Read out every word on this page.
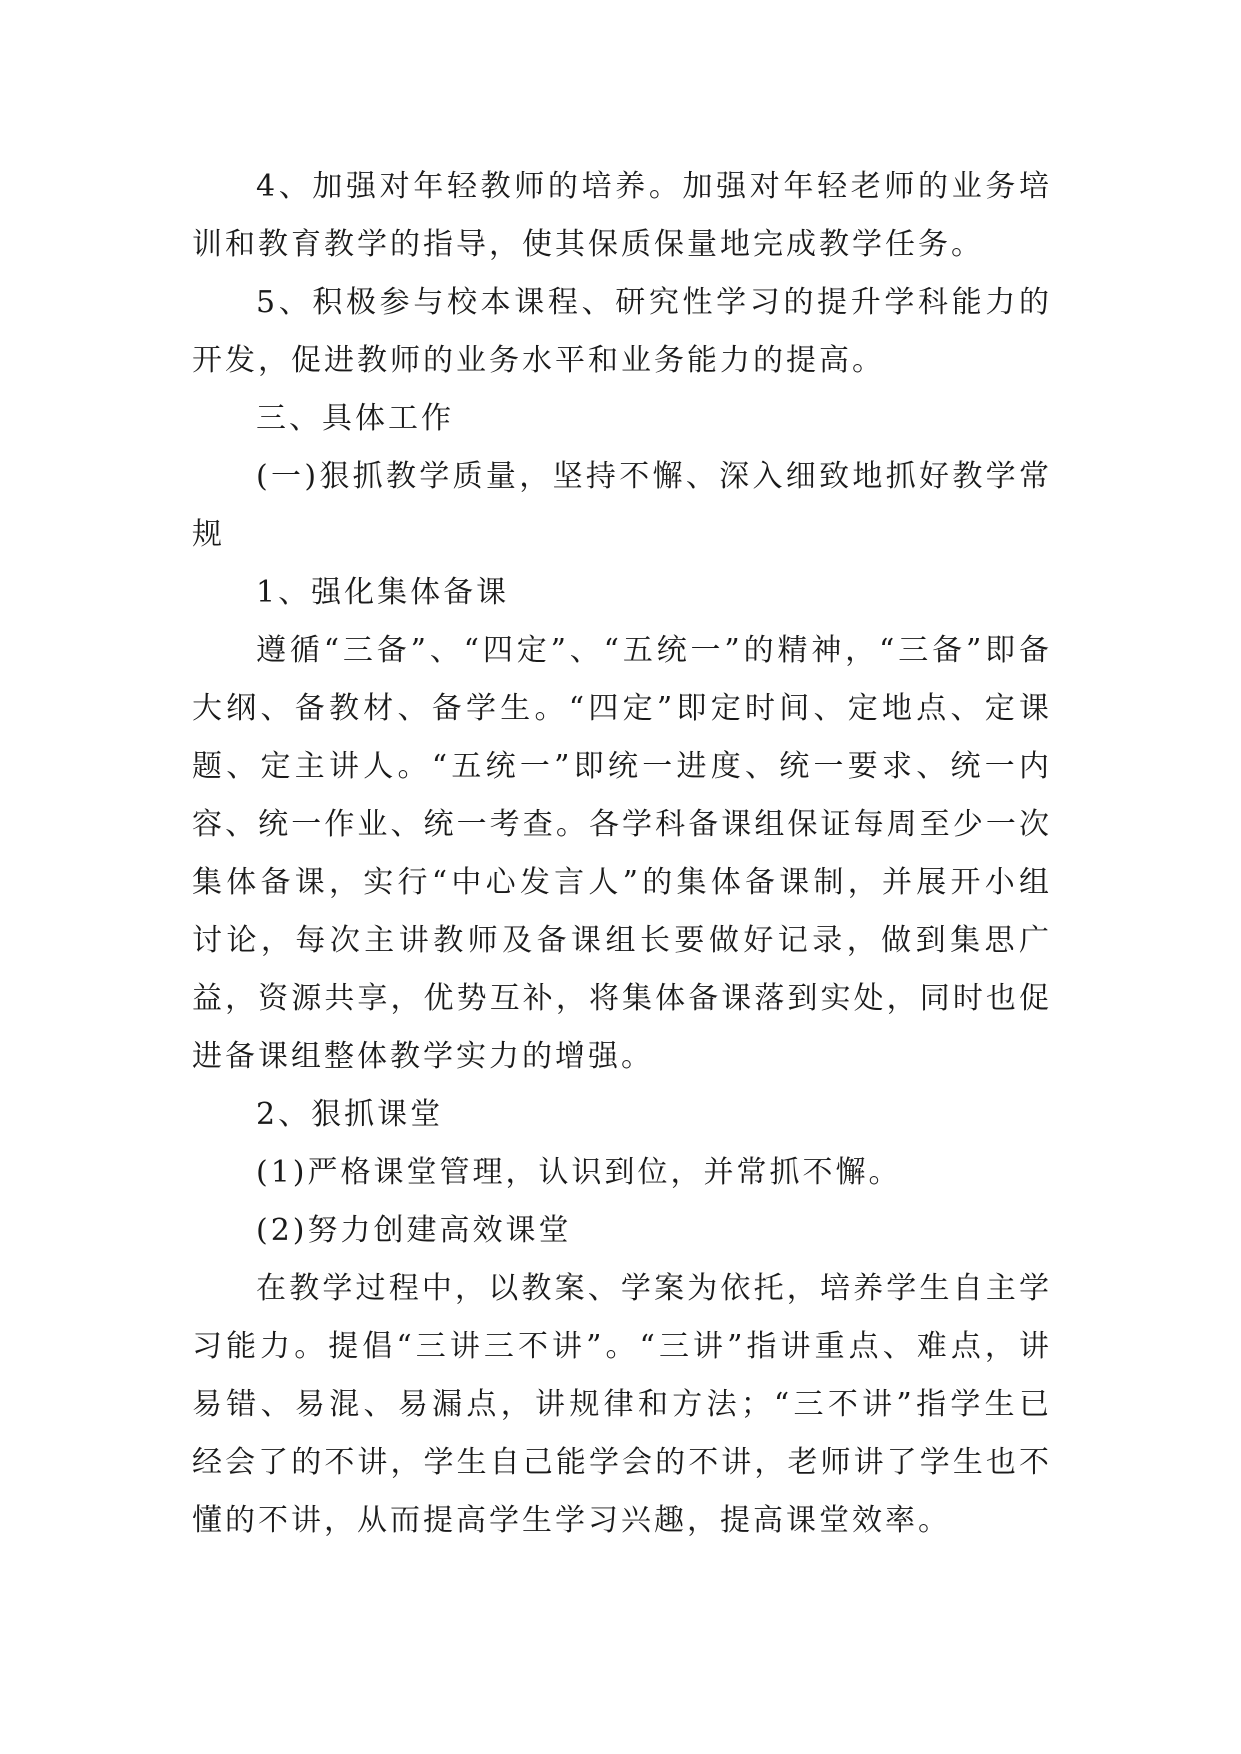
4、加强对年轻教师的培养。加强对年轻老师的业务培训和教育教学的指导，使其保质保量地完成教学任务。

5、积极参与校本课程、研究性学习的提升学科能力的开发，促进教师的业务水平和业务能力的提高。

三、具体工作

(一)狠抓教学质量，坚持不懈、深入细致地抓好教学常规

1、强化集体备课

遵循“三备”、“四定”、“五统一”的精神，“三备”即备大纲、备教材、备学生。“四定”即定时间、定地点、定课题、定主讲人。“五统一”即统一进度、统一要求、统一内容、统一作业、统一考查。各学科备课组保证每周至少一次集体备课，实行“中心发言人”的集体备课制，并展开小组讨论，每次主讲教师及备课组长要做好记录，做到集思广益，资源共享，优势互补，将集体备课落到实处，同时也促进备课组整体教学实力的增强。

2、狠抓课堂

(1)严格课堂管理，认识到位，并常抓不懈。

(2)努力创建高效课堂

在教学过程中，以教案、学案为依托，培养学生自主学习能力。提倡“三讲三不讲”。“三讲”指讲重点、难点，讲易错、易混、易漏点，讲规律和方法；“三不讲”指学生已经会了的不讲，学生自己能学会的不讲，老师讲了学生也不懂的不讲，从而提高学生学习兴趣，提高课堂效率。
